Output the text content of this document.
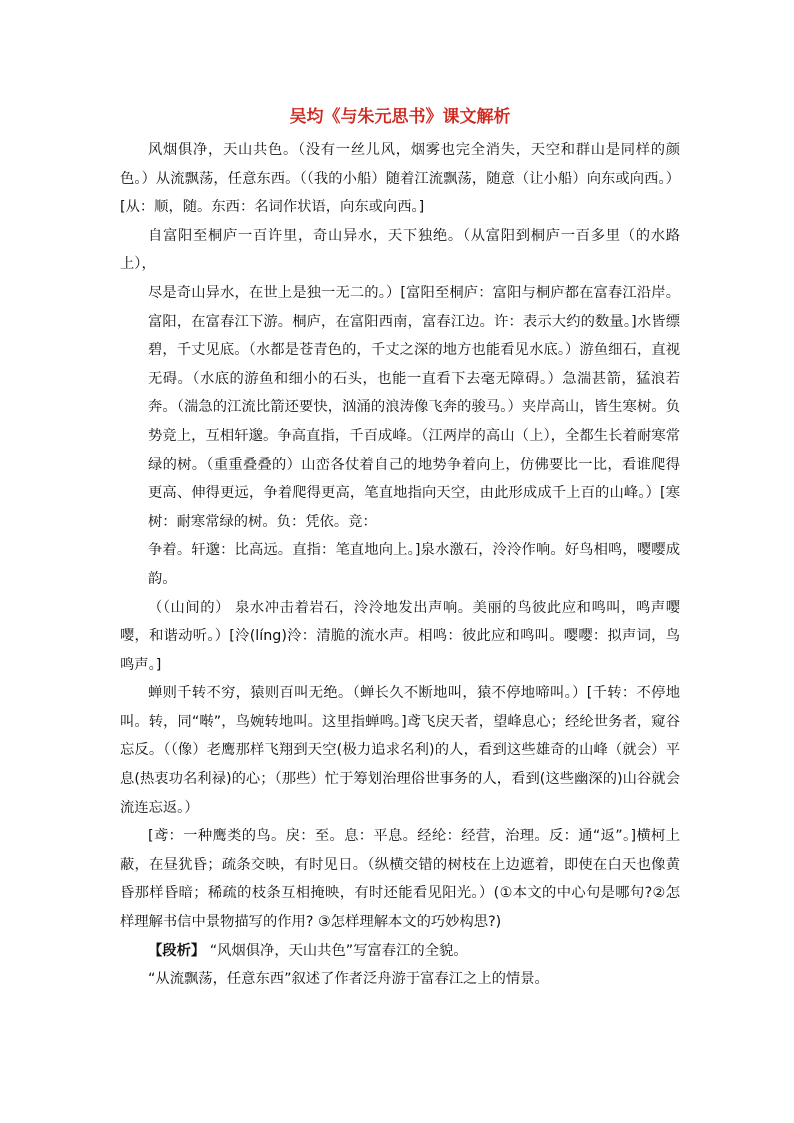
吴均《与朱元思书》课文解析

风烟俱净，天山共色。（没有一丝儿风，烟雾也完全消失，天空和群山是同样的颜色。）从流飘荡，任意东西。（（我的小船）随着江流飘荡，随意（让小船）向东或向西。）[从：顺，随。东西：名词作状语，向东或向西。]

自富阳至桐庐一百许里，奇山异水，天下独绝。（从富阳到桐庐一百多里（的水路上），

尽是奇山异水，在世上是独一无二的。）[富阳至桐庐：富阳与桐庐都在富春江沿岸。富阳，在富春江下游。桐庐，在富阳西南，富春江边。许：表示大约的数量。]水皆缥碧，千丈见底。（水都是苍青色的，千丈之深的地方也能看见水底。）游鱼细石，直视无碍。（水底的游鱼和细小的石头，也能一直看下去毫无障碍。）急湍甚箭，猛浪若奔。（湍急的江流比箭还要快，汹涌的浪涛像飞奔的骏马。）夹岸高山，皆生寒树。负势竞上，互相轩邈。争高直指，千百成峰。（江两岸的高山（上），全都生长着耐寒常绿的树。（重重叠叠的）山峦各仗着自己的地势争着向上，仿佛要比一比，看谁爬得更高、伸得更远，争着爬得更高，笔直地指向天空，由此形成成千上百的山峰。）[寒树：耐寒常绿的树。负：凭依。竞：

争着。轩邈：比高远。直指：笔直地向上。]泉水激石，泠泠作响。好鸟相鸣，嘤嘤成韵。

（（山间的） 泉水冲击着岩石，泠泠地发出声响。美丽的鸟彼此应和鸣叫，鸣声嘤嘤，和谐动听。）[泠(líng)泠：清脆的流水声。相鸣：彼此应和鸣叫。嘤嘤：拟声词，鸟鸣声。]

蝉则千转不穷，猿则百叫无绝。（蝉长久不断地叫，猿不停地啼叫。）[千转：不停地叫。转，同“啭”，鸟婉转地叫。这里指蝉鸣。]鸢飞戾天者，望峰息心；经纶世务者，窥谷忘反。（（像）老鹰那样飞翔到天空(极力追求名利)的人，看到这些雄奇的山峰（就会）平息(热衷功名利禄)的心；（那些）忙于筹划治理俗世事务的人，看到(这些幽深的)山谷就会流连忘返。）

[鸢：一种鹰类的鸟。戾：至。息：平息。经纶：经营，治理。反：通“返”。]横柯上蔽，在昼犹昏；疏条交映，有时见日。（纵横交错的树枝在上边遮着，即使在白天也像黄昏那样昏暗；稀疏的枝条互相掩映，有时还能看见阳光。）(①本文的中心句是哪句?②怎样理解书信中景物描写的作用? ③怎样理解本文的巧妙构思?)

【段析】 “风烟俱净，天山共色”写富春江的全貌。

“从流飘荡，任意东西”叙述了作者泛舟游于富春江之上的情景。
